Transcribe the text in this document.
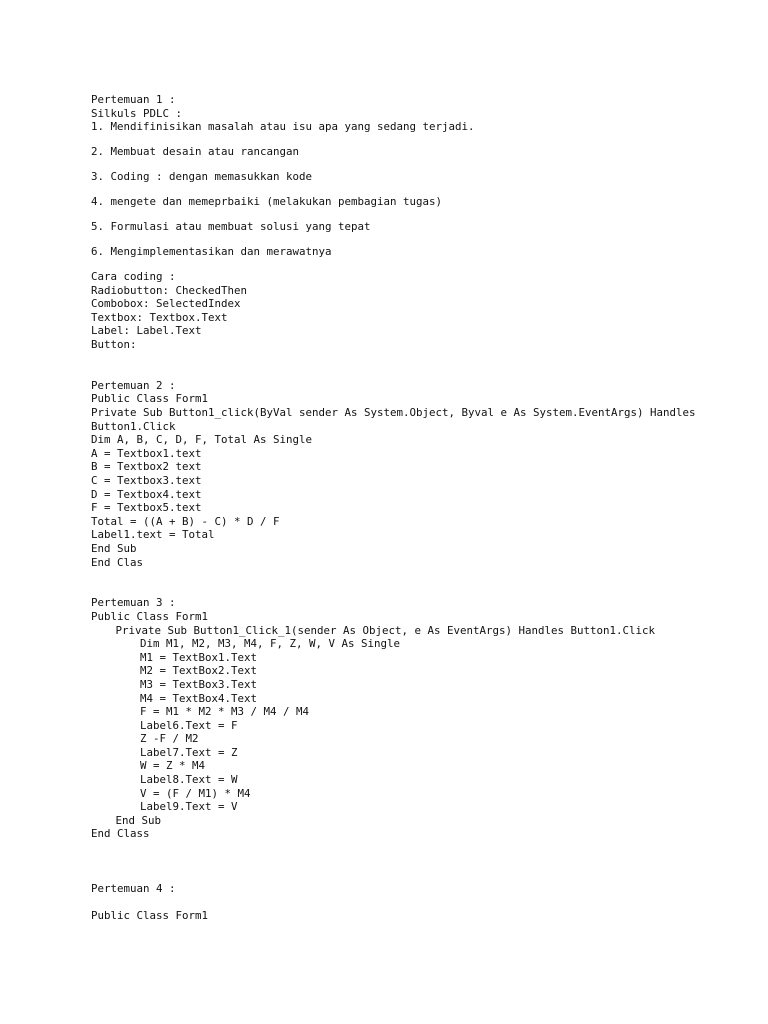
Pertemuan 1 :
Silkuls PDLC :
1. Mendifinisikan masalah atau isu apa yang sedang terjadi.
2. Membuat desain atau rancangan
3. Coding : dengan memasukkan kode
4. mengete dan memeprbaiki (melakukan pembagian tugas)
5. Formulasi atau membuat solusi yang tepat
6. Mengimplementasikan dan merawatnya
Cara coding :
Radiobutton: CheckedThen
Combobox: SelectedIndex
Textbox: Textbox.Text
Label: Label.Text
Button:
Pertemuan 2 :
Public Class Form1
Private Sub Button1_click(ByVal sender As System.Object, Byval e As System.EventArgs) Handles
Button1.Click
Dim A, B, C, D, F, Total As Single
A = Textbox1.text
B = Textbox2 text
C = Textbox3.text
D = Textbox4.text
F = Textbox5.text
Total = ((A + B) - C) * D / F
Label1.text = Total
End Sub
End Clas
Pertemuan 3 :
Public Class Form1
Private Sub Button1_Click_1(sender As Object, e As EventArgs) Handles Button1.Click
Dim M1, M2, M3, M4, F, Z, W, V As Single
M1 = TextBox1.Text
M2 = TextBox2.Text
M3 = TextBox3.Text
M4 = TextBox4.Text
F = M1 * M2 * M3 / M4 / M4
Label6.Text = F
Z -F / M2
Label7.Text = Z
W = Z * M4
Label8.Text = W
V = (F / M1) * M4
Label9.Text = V
End Sub
End Class
Pertemuan 4 :
Public Class Form1
